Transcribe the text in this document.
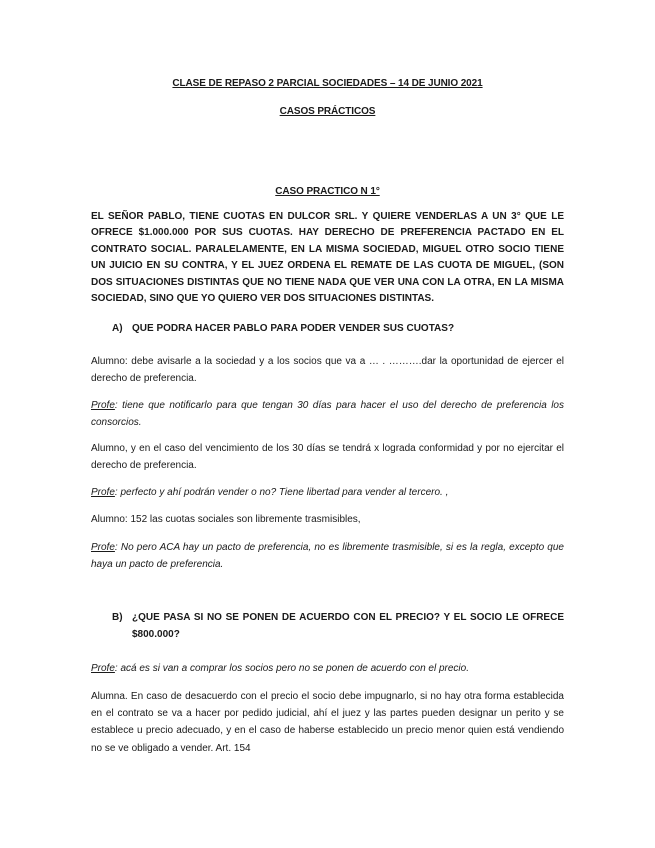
CLASE DE REPASO 2 PARCIAL SOCIEDADES – 14 DE JUNIO 2021
CASOS PRÁCTICOS
CASO PRACTICO N 1°

EL SEÑOR PABLO, TIENE CUOTAS EN DULCOR SRL. Y QUIERE VENDERLAS A UN 3° QUE LE OFRECE $1.000.000 POR SUS CUOTAS. HAY DERECHO DE PREFERENCIA PACTADO EN EL CONTRATO SOCIAL. PARALELAMENTE, EN LA MISMA SOCIEDAD, MIGUEL OTRO SOCIO TIENE UN JUICIO EN SU CONTRA, Y EL JUEZ ORDENA EL REMATE DE LAS CUOTA DE MIGUEL, (SON DOS SITUACIONES DISTINTAS QUE NO TIENE NADA QUE VER UNA CON LA OTRA, EN LA MISMA SOCIEDAD, SINO QUE YO QUIERO VER DOS SITUACIONES DISTINTAS.

A) QUE PODRA HACER PABLO PARA PODER VENDER SUS CUOTAS?

Alumno: debe avisarle a la sociedad y a los socios que va a … . ……….dar la oportunidad de ejercer el derecho de preferencia.

Profe: tiene que notificarlo para que tengan 30 días para hacer el uso del derecho de preferencia los consorcios.

Alumno, y en el caso del vencimiento de los 30 días se tendrá x lograda conformidad y por no ejercitar el derecho de preferencia.

Profe: perfecto y ahí podrán vender o no? Tiene libertad para vender al tercero. ,

Alumno: 152 las cuotas sociales son libremente trasmisibles,

Profe: No pero ACA hay un pacto de preferencia, no es libremente trasmisible, si es la regla, excepto que haya un pacto de preferencia.

B) ¿QUE PASA SI NO SE PONEN DE ACUERDO CON EL PRECIO? Y EL SOCIO LE OFRECE $800.000?

Profe: acá es si van a comprar los socios pero no se ponen de acuerdo con el precio.

Alumna. En caso de desacuerdo con el precio el socio debe impugnarlo, si no hay otra forma establecida en el contrato se va a hacer por pedido judicial, ahí el juez y las partes pueden designar un perito y se establece u precio adecuado, y en el caso de haberse establecido un precio menor quien está vendiendo no se ve obligado a vender. Art. 154
